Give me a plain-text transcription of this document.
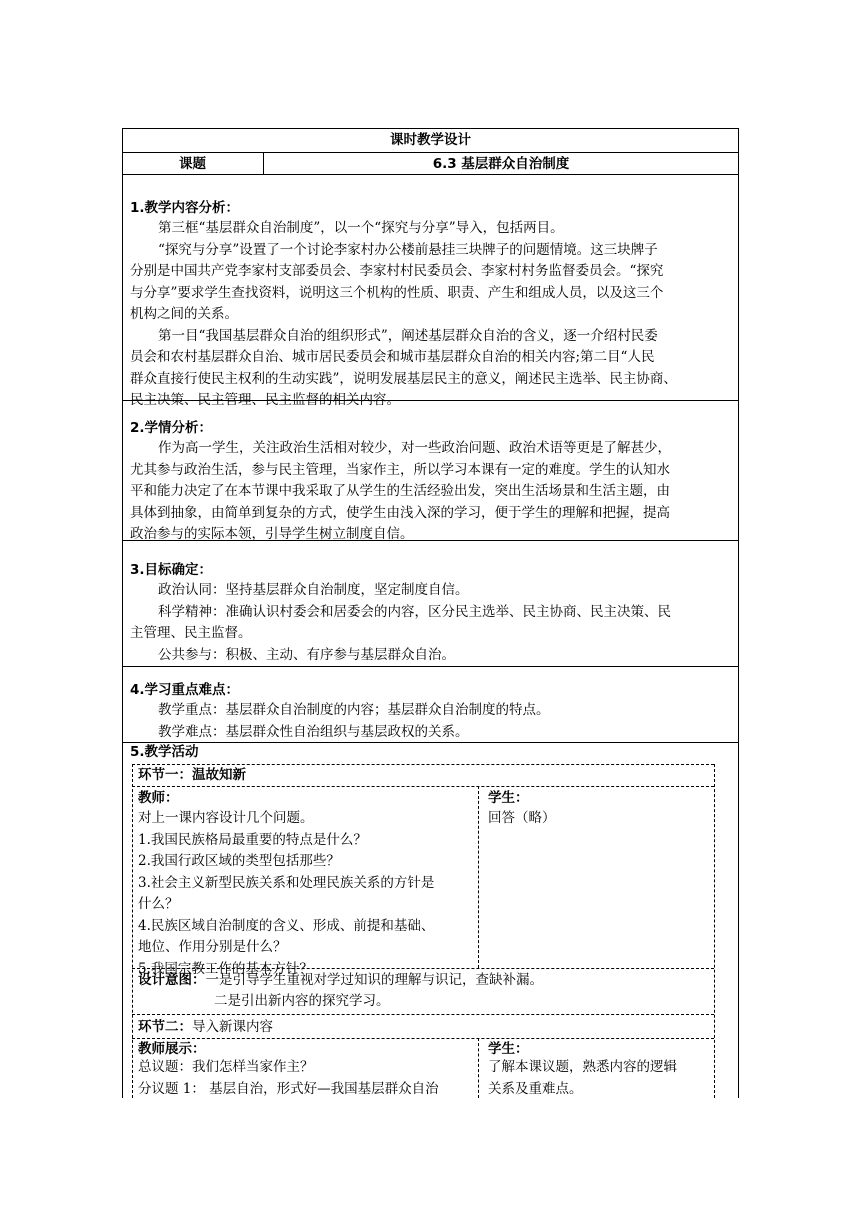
课时教学设计
课题	6.3 基层群众自治制度
1.教学内容分析：
第三框“基层群众自治制度”，以一个“探究与分享”导入，包括两目。
“探究与分享”设置了一个讨论李家村办公楼前悬挂三块牌子的问题情境。这三块牌子
分别是中国共产党李家村支部委员会、李家村村民委员会、李家村村务监督委员会。“探究
与分享”要求学生查找资料，说明这三个机构的性质、职责、产生和组成人员，以及这三个
机构之间的关系。
第一目“我国基层群众自治的组织形式”，阐述基层群众自治的含义，逐一介绍村民委
员会和农村基层群众自治、城市居民委员会和城市基层群众自治的相关内容;第二目“人民
群众直接行使民主权利的生动实践”，说明发展基层民主的意义，阐述民主选举、民主协商、
民主决策、民主管理、民主监督的相关内容。
2.学情分析：
作为高一学生，关注政治生活相对较少，对一些政治问题、政治术语等更是了解甚少，
尤其参与政治生活，参与民主管理，当家作主，所以学习本课有一定的难度。学生的认知水
平和能力决定了在本节课中我采取了从学生的生活经验出发，突出生活场景和生活主题，由
具体到抽象，由简单到复杂的方式，使学生由浅入深的学习，便于学生的理解和把握，提高
政治参与的实际本领，引导学生树立制度自信。
3.目标确定：
政治认同：坚持基层群众自治制度，坚定制度自信。
科学精神：准确认识村委会和居委会的内容，区分民主选举、民主协商、民主决策、民
主管理、民主监督。
公共参与：积极、主动、有序参与基层群众自治。
4.学习重点难点：
教学重点：基层群众自治制度的内容；基层群众自治制度的特点。
教学难点：基层群众性自治组织与基层政权的关系。
5.教学活动
环节一：温故知新
教师：
对上一课内容设计几个问题。
1.我国民族格局最重要的特点是什么？
2.我国行政区域的类型包括那些？
3.社会主义新型民族关系和处理民族关系的方针是
什么？
4.民族区域自治制度的含义、形成、前提和基础、
地位、作用分别是什么？
5.我国宗教工作的基本方针？
学生：
回答（略）
设计意图：一是引导学生重视对学过知识的理解与识记，查缺补漏。
二是引出新内容的探究学习。
环节二：导入新课内容
教师展示：
总议题：我们怎样当家作主？
分议题 1： 基层自治，形式好—我国基层群众自治
学生：
了解本课议题，熟悉内容的逻辑
关系及重难点。
